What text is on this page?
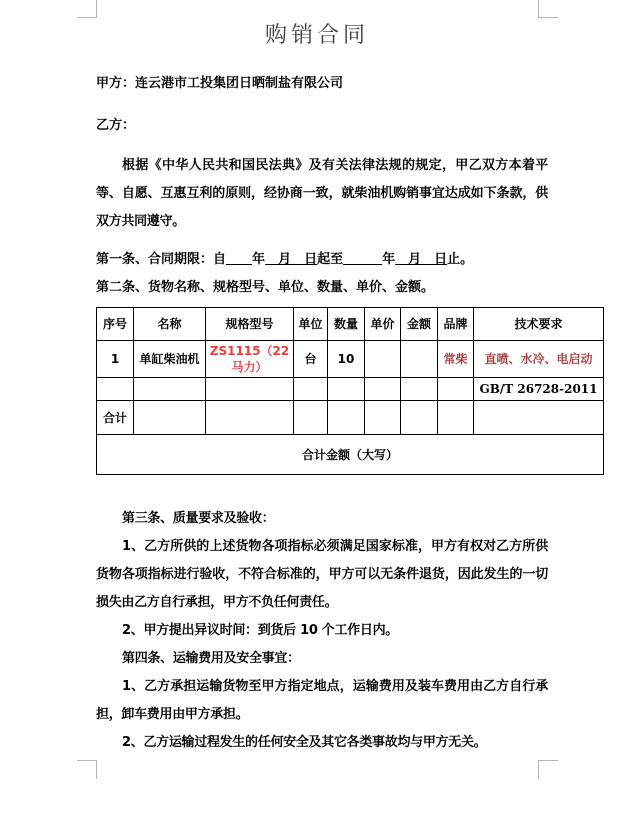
购销合同
甲方：连云港市工投集团日晒制盐有限公司
乙方：

根据《中华人民共和国民法典》及有关法律法规的规定，甲乙双方本着平等、自愿、互惠互利的原则，经协商一致，就柴油机购销事宜达成如下条款，供双方共同遵守。

第一条、合同期限：自　　 年　月　日起至　　　	年　月　日止。
第二条、货物名称、规格型号、单位、数量、单价、金额。
序号	名称	规格型号	单位	数量	单价	金额	品牌	技术要求
1	单缸柴油机	ZS1115（22马力）	台	10			常柴	直喷、水冷、电启动
								GB/T 26728-2011
合计								
合计金额（大写）								

第三条、质量要求及验收：

1、乙方所供的上述货物各项指标必须满足国家标准，甲方有权对乙方所供货物各项指标进行验收，不符合标准的，甲方可以无条件退货，因此发生的一切损失由乙方自行承担，甲方不负任何责任。

2、甲方提出异议时间：到货后 10 个工作日内。

第四条、运输费用及安全事宜：

1、乙方承担运输货物至甲方指定地点，运输费用及装车费用由乙方自行承担，卸车费用由甲方承担。

2、乙方运输过程发生的任何安全及其它各类事故均与甲方无关。
